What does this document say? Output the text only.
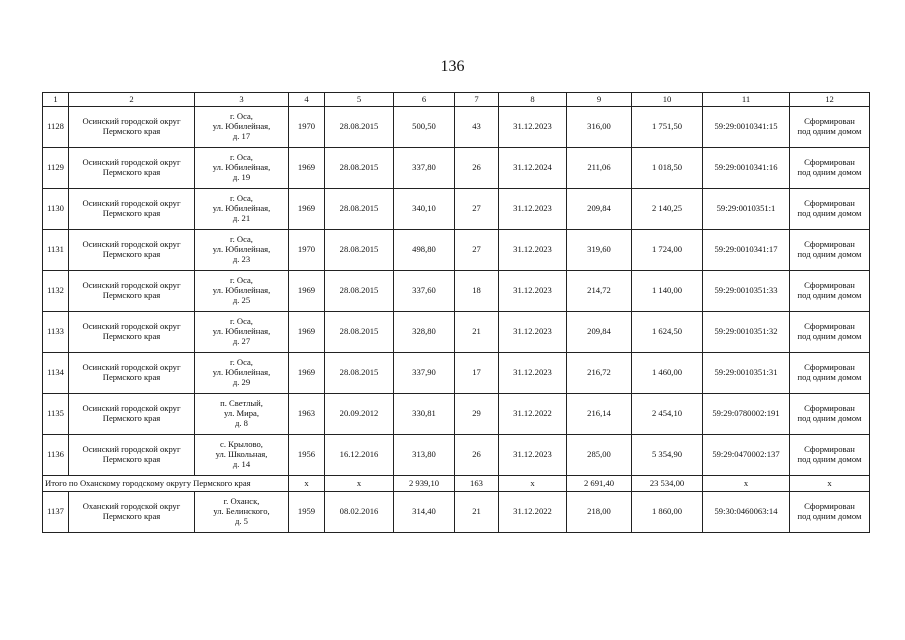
136
1	2	3	4	5	6	7	8	9	10	11	12
1128	Осинский городской округ
Пермского края	г. Оса,
ул. Юбилейная,
д. 17	1970	28.08.2015	500,50	43	31.12.2023	316,00	1 751,50	59:29:0010341:15	Сформирован
под одним домом

1129	Осинский городской округ
Пермского края	г. Оса,
ул. Юбилейная,
д. 19	1969	28.08.2015	337,80	26	31.12.2024	211,06	1 018,50	59:29:0010341:16	Сформирован
под одним домом

1130	Осинский городской округ
Пермского края	г. Оса,
ул. Юбилейная,
д. 21	1969	28.08.2015	340,10	27	31.12.2023	209,84	2 140,25	59:29:0010351:1	Сформирован
под одним домом

1131	Осинский городской округ
Пермского края	г. Оса,
ул. Юбилейная,
д. 23	1970	28.08.2015	498,80	27	31.12.2023	319,60	1 724,00	59:29:0010341:17	Сформирован
под одним домом

1132	Осинский городской округ
Пермского края	г. Оса,
ул. Юбилейная,
д. 25	1969	28.08.2015	337,60	18	31.12.2023	214,72	1 140,00	59:29:0010351:33	Сформирован
под одним домом

1133	Осинский городской округ
Пермского края	г. Оса,
ул. Юбилейная,
д. 27	1969	28.08.2015	328,80	21	31.12.2023	209,84	1 624,50	59:29:0010351:32	Сформирован
под одним домом

1134	Осинский городской округ
Пермского края	г. Оса,
ул. Юбилейная,
д. 29	1969	28.08.2015	337,90	17	31.12.2023	216,72	1 460,00	59:29:0010351:31	Сформирован
под одним домом

1135	Осинский городской округ
Пермского края	п. Светлый,
ул. Мира,
д. 8	1963	20.09.2012	330,81	29	31.12.2022	216,14	2 454,10	59:29:0780002:191	Сформирован
под одним домом

1136	Осинский городской округ
Пермского края	с. Крылово,
ул. Школьная,
д. 14	1956	16.12.2016	313,80	26	31.12.2023	285,00	5 354,90	59:29:0470002:137	Сформирован
под одним домом

Итого по Оханскому городскому округу Пермского края			x	x	2 939,10	163	x	2 691,40	23 534,00	x	x
1137	Оханский городской округ
Пермского края	г. Оханск,
ул. Белинского,
д. 5	1959	08.02.2016	314,40	21	31.12.2022	218,00	1 860,00	59:30:0460063:14	Сформирован
под одним домом
